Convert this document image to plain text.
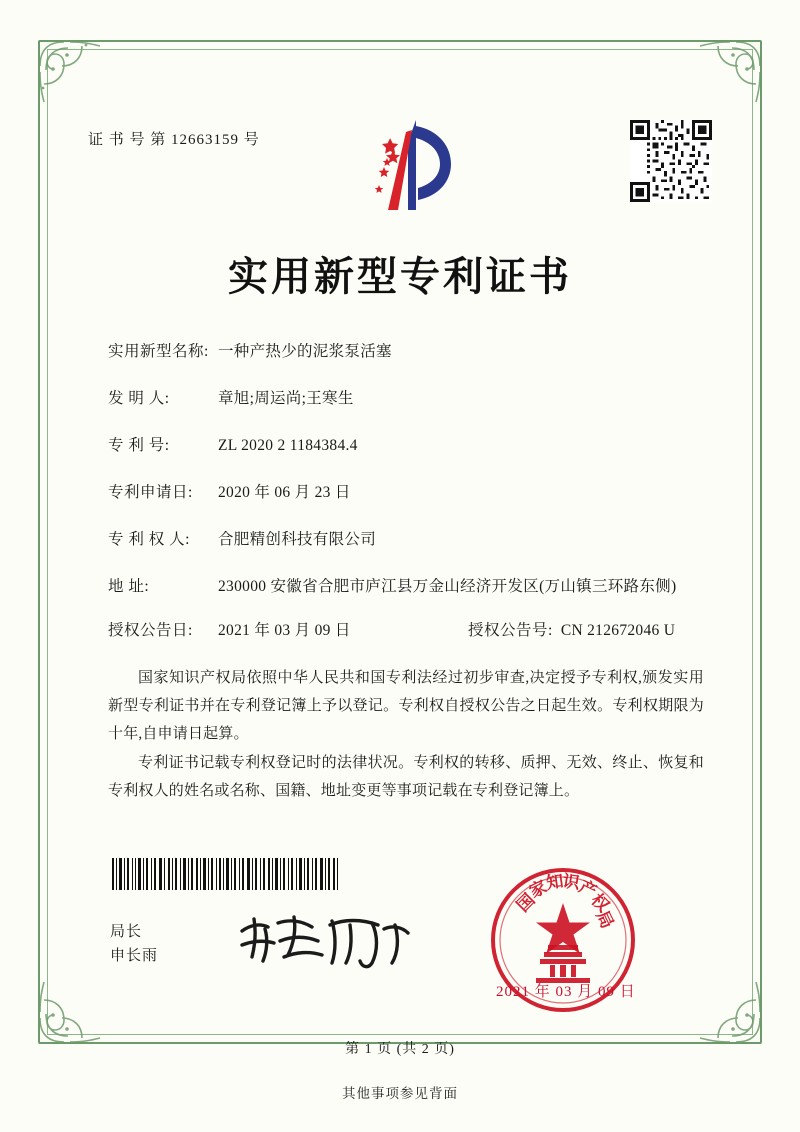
证 书 号 第 12663159 号
实用新型专利证书
实用新型名称: 一种产热少的泥浆泵活塞
发 明 人:	章旭;周运尚;王寒生
专 利 号:	ZL 2020 2 1184384.4
专利申请日:	2020 年 06 月 23 日
专 利 权 人:	合肥精创科技有限公司
地 址:	230000 安徽省合肥市庐江县万金山经济开发区(万山镇三环路东侧)
授权公告日:	2021 年 03 月 09 日	授权公告号: CN 212672046 U

国家知识产权局依照中华人民共和国专利法经过初步审查,决定授予专利权,颁发实用新型专利证书并在专利登记簿上予以登记。专利权自授权公告之日起生效。专利权期限为十年,自申请日起算。

专利证书记载专利权登记时的法律状况。专利权的转移、质押、无效、终止、恢复和专利权人的姓名或名称、国籍、地址变更等事项记载在专利登记簿上。

局长
申长雨
国
家
知
识
产
权
局
2021 年 03 月 09 日
第 1 页 (共 2 页)
其他事项参见背面
